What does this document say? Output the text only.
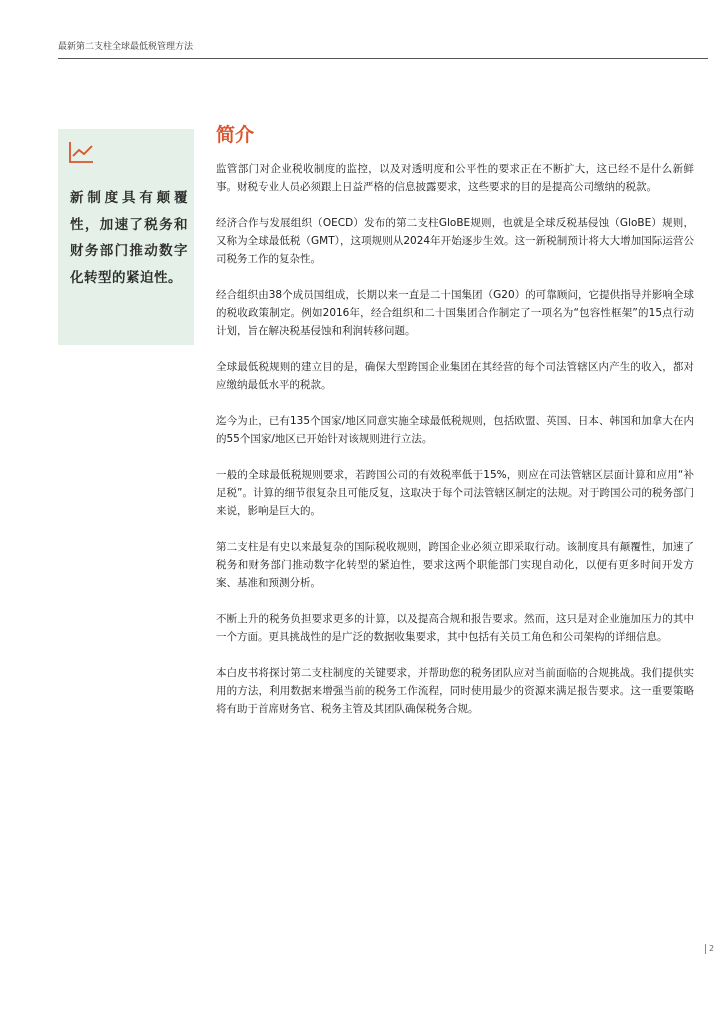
最新第二支柱全球最低税管理方法
新制度具有颠覆性，加速了税务和财务部门推动数字化转型的紧迫性。
简介

监管部门对企业税收制度的监控，以及对透明度和公平性的要求正在不断扩大，这已经不是什么新鲜事。财税专业人员必须跟上日益严格的信息披露要求，这些要求的目的是提高公司缴纳的税款。

经济合作与发展组织（OECD）发布的第二支柱GloBE规则，也就是全球反税基侵蚀（GloBE）规则，又称为全球最低税（GMT），这项规则从2024年开始逐步生效。这一新税制预计将大大增加国际运营公司税务工作的复杂性。

经合组织由38个成员国组成，长期以来一直是二十国集团（G20）的可靠顾问，它提供指导并影响全球的税收政策制定。例如2016年，经合组织和二十国集团合作制定了一项名为“包容性框架”的15点行动计划，旨在解决税基侵蚀和利润转移问题。

全球最低税规则的建立目的是，确保大型跨国企业集团在其经营的每个司法管辖区内产生的收入，都对应缴纳最低水平的税款。

迄今为止，已有135个国家/地区同意实施全球最低税规则，包括欧盟、英国、日本、韩国和加拿大在内的55个国家/地区已开始针对该规则进行立法。

一般的全球最低税规则要求，若跨国公司的有效税率低于15%，则应在司法管辖区层面计算和应用“补足税”。计算的细节很复杂且可能反复，这取决于每个司法管辖区制定的法规。对于跨国公司的税务部门来说，影响是巨大的。

第二支柱是有史以来最复杂的国际税收规则，跨国企业必须立即采取行动。该制度具有颠覆性，加速了税务和财务部门推动数字化转型的紧迫性，要求这两个职能部门实现自动化，以便有更多时间开发方案、基准和预测分析。

不断上升的税务负担要求更多的计算，以及提高合规和报告要求。然而，这只是对企业施加压力的其中一个方面。更具挑战性的是广泛的数据收集要求，其中包括有关员工角色和公司架构的详细信息。

本白皮书将探讨第二支柱制度的关键要求，并帮助您的税务团队应对当前面临的合规挑战。我们提供实用的方法，利用数据来增强当前的税务工作流程，同时使用最少的资源来满足报告要求。这一重要策略将有助于首席财务官、税务主管及其团队确保税务合规。

2
